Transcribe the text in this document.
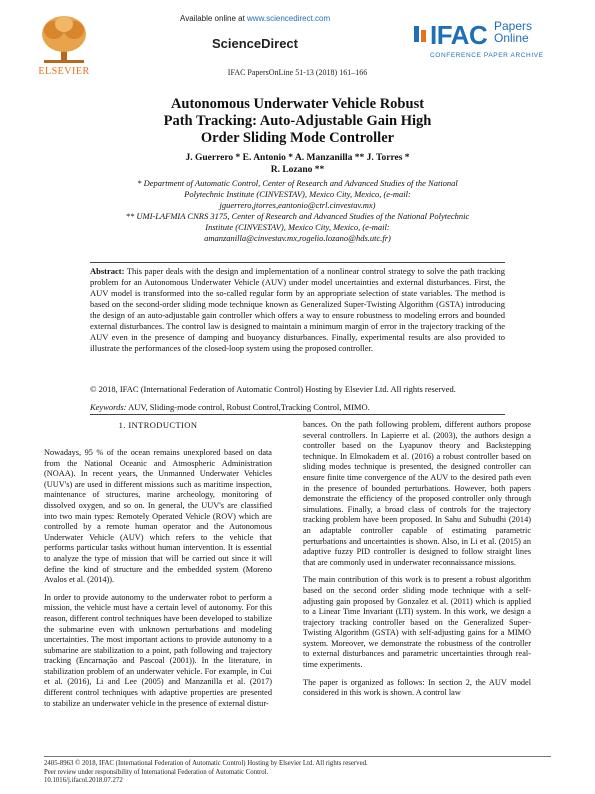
ELSEVIER
Available online at www.sciencedirect.com
ScienceDirect	IFAC Papers
Online
CONFERENCE PAPER ARCHIVE
IFAC PapersOnLine 51-13 (2018) 161–166
Autonomous Underwater Vehicle Robust
Path Tracking: Auto-Adjustable Gain High
Order Sliding Mode Controller
J. Guerrero * E. Antonio * A. Manzanilla ** J. Torres *
R. Lozano **
* Department of Automatic Control, Center of Research and Advanced Studies of the National Polytechnic Institute (CINVESTAV), Mexico City, Mexico, (e-mail: jguerrero,jtorres,eantonio@ctrl.cinvestav.mx)
** UMI-LAFMIA CNRS 3175, Center of Research and Advanced Studies of the National Polytechnic Institute (CINVESTAV), Mexico City, Mexico, (e-mail: amanzanilla@cinvestav.mx,rogelio.lozano@hds.utc.fr)
Abstract: This paper deals with the design and implementation of a nonlinear control strategy to solve the path tracking problem for an Autonomous Underwater Vehicle (AUV) under model uncertainties and external disturbances. First, the AUV model is transformed into the so-called regular form by an appropriate selection of state variables. The method is based on the second-order sliding mode technique known as Generalized Super-Twisting Algorithm (GSTA) introducing the design of an auto-adjustable gain controller which offers a way to ensure robustness to modeling errors and bounded external disturbances. The control law is designed to maintain a minimum margin of error in the trajectory tracking of the AUV even in the presence of damping and buoyancy disturbances. Finally, experimental results are also provided to illustrate the performances of the closed-loop system using the proposed controller.
© 2018, IFAC (International Federation of Automatic Control) Hosting by Elsevier Ltd. All rights reserved.
Keywords: AUV, Sliding-mode control, Robust Control,Tracking Control, MIMO.
1. INTRODUCTION

Nowadays, 95 % of the ocean remains unexplored based on data from the National Oceanic and Atmospheric Administration (NOAA). In recent years, the Unmanned Underwater Vehicles (UUV's) are used in different missions such as maritime inspection, maintenance of structures, marine archeology, monitoring of dissolved oxygen, and so on. In general, the UUV's are classified into two main types: Remotely Operated Vehicle (ROV) which are controlled by a remote human operator and the Autonomous Underwater Vehicle (AUV) which refers to the vehicle that performs particular tasks without human intervention. It is essential to analyze the type of mission that will be carried out since it will define the kind of structure and the embedded system (Moreno Avalos et al. (2014)).

In order to provide autonomy to the underwater robot to perform a mission, the vehicle must have a certain level of autonomy. For this reason, different control techniques have been developed to stabilize the submarine even with unknown perturbations and modeling uncertainties. The most important actions to provide autonomy to a submarine are stabilization to a point, path following and trajectory tracking (Encarnação and Pascoal (2001)). In the literature, in stabilization problem of an underwater vehicle. For example, in Cui et al. (2016), Li and Lee (2005) and Manzanilla et al. (2017) different control techniques with adaptive properties are presented to stabilize an underwater vehicle in the presence of external distur-

bances. On the path following problem, different authors propose several controllers. In Lapierre et al. (2003), the authors design a controller based on the Lyapunov theory and Backstepping technique. In Elmokadem et al. (2016) a robust controller based on sliding modes technique is presented, the designed controller can ensure finite time convergence of the AUV to the desired path even in the presence of bounded perturbations. However, both papers demonstrate the efficiency of the proposed controller only through simulations. Finally, a broad class of controls for the trajectory tracking problem have been proposed. In Sahu and Subudhi (2014) an adaptable controller capable of estimating parametric perturbations and uncertainties is shown. Also, in Li et al. (2015) an adaptive fuzzy PID controller is designed to follow straight lines that are commonly used in underwater reconnaissance missions.

The main contribution of this work is to present a robust algorithm based on the second order sliding mode technique with a self-adjusting gain proposed by Gonzalez et al. (2011) which is applied to a Linear Time Invariant (LTI) system. In this work, we design a trajectory tracking controller based on the Generalized Super-Twisting Algorithm (GSTA) with self-adjusting gains for a MIMO system. Moreover, we demonstrate the robustness of the controller to external disturbances and parametric uncertainties through real-time experiments.

The paper is organized as follows: In section 2, the AUV model considered in this work is shown. A control law

2405-8963 © 2018, IFAC (International Federation of Automatic Control) Hosting by Elsevier Ltd. All rights reserved.
Peer review under responsibility of International Federation of Automatic Control.
10.1016/j.ifacol.2018.07.272
